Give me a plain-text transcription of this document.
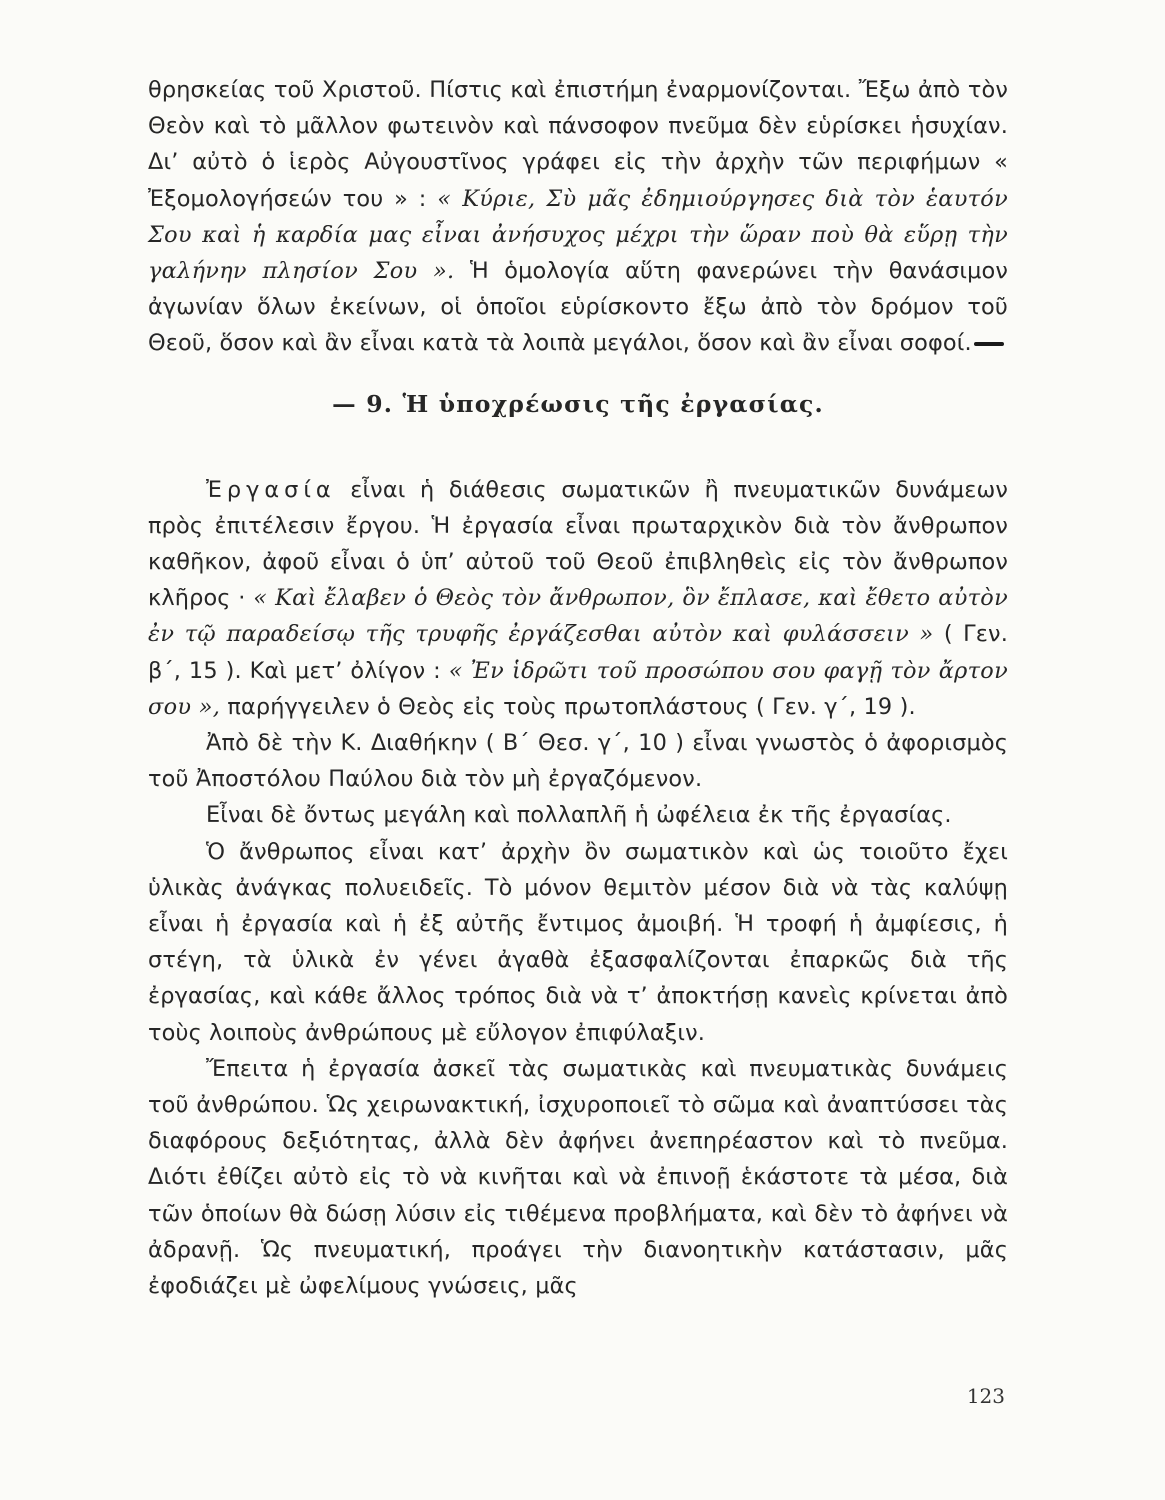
θρησκείας τοῦ Χριστοῦ. Πίστις καὶ ἐπιστήμη ἐναρμονίζονται. Ἔξω ἀπὸ τὸν Θεὸν καὶ τὸ μᾶλλον φωτεινὸν καὶ πάνσοφον πνεῦμα δὲν εὑρίσκει ἡσυχίαν. Δι’ αὐτὸ ὁ ἱερὸς Αὐγουστῖνος γράφει εἰς τὴν ἀρχὴν τῶν περιφήμων « Ἐξομολογήσεών του » : « Κύριε, Σὺ μᾶς ἐδημιούργησες διὰ τὸν ἑαυτόν Σου καὶ ἡ καρδία μας εἶναι ἀνήσυχος μέχρι τὴν ὥραν ποὺ θὰ εὕρῃ τὴν γαλήνην πλησίον Σου ». Ἡ ὁμολογία αὕτη φανερώνει τὴν θανάσιμον ἀγωνίαν ὅλων ἐκείνων, οἱ ὁποῖοι εὑρίσκοντο ἔξω ἀπὸ τὸν δρόμον τοῦ Θεοῦ, ὅσον καὶ ἂν εἶναι κατὰ τὰ λοιπὰ μεγάλοι, ὅσον καὶ ἂν εἶναι σοφοί.

— 9. Ἡ ὑποχρέωσις τῆς ἐργασίας.

Ἐργασία εἶναι ἡ διάθεσις σωματικῶν ἢ πνευματικῶν δυνάμεων πρὸς ἐπιτέλεσιν ἔργου. Ἡ ἐργασία εἶναι πρωταρχικὸν διὰ τὸν ἄνθρωπον καθῆκον, ἀφοῦ εἶναι ὁ ὑπ’ αὐτοῦ τοῦ Θεοῦ ἐπιβληθεὶς εἰς τὸν ἄνθρωπον κλῆρος · « Καὶ ἔλαβεν ὁ Θεὸς τὸν ἄνθρωπον, ὃν ἔπλασε, καὶ ἔθετο αὐτὸν ἐν τῷ παραδείσῳ τῆς τρυφῆς ἐργάζεσθαι αὐτὸν καὶ φυλάσσειν » ( Γεν. β΄, 15 ). Καὶ μετ’ ὀλίγον : « Ἐν ἱδρῶτι τοῦ προσώπου σου φαγῇ τὸν ἄρτον σου », παρήγγειλεν ὁ Θεὸς εἰς τοὺς πρωτοπλάστους ( Γεν. γ΄, 19 ).

Ἀπὸ δὲ τὴν Κ. Διαθήκην ( Β΄ Θεσ. γ΄, 10 ) εἶναι γνωστὸς ὁ ἀφορισμὸς τοῦ Ἀποστόλου Παύλου διὰ τὸν μὴ ἐργαζόμενον.

Εἶναι δὲ ὄντως μεγάλη καὶ πολλαπλῆ ἡ ὠφέλεια ἐκ τῆς ἐργασίας.

Ὁ ἄνθρωπος εἶναι κατ’ ἀρχὴν ὂν σωματικὸν καὶ ὡς τοιοῦτο ἔχει ὑλικὰς ἀνάγκας πολυειδεῖς. Τὸ μόνον θεμιτὸν μέσον διὰ νὰ τὰς καλύψῃ εἶναι ἡ ἐργασία καὶ ἡ ἐξ αὐτῆς ἔντιμος ἀμοιβή. Ἡ τροφή ἡ ἀμφίεσις, ἡ στέγη, τὰ ὑλικὰ ἐν γένει ἀγαθὰ ἐξασφαλίζονται ἐπαρκῶς διὰ τῆς ἐργασίας, καὶ κάθε ἄλλος τρόπος διὰ νὰ τ’ ἀποκτήσῃ κανεὶς κρίνεται ἀπὸ τοὺς λοιποὺς ἀνθρώπους μὲ εὔλογον ἐπιφύλαξιν.

Ἔπειτα ἡ ἐργασία ἀσκεῖ τὰς σωματικὰς καὶ πνευματικὰς δυνάμεις τοῦ ἀνθρώπου. Ὡς χειρωνακτική, ἰσχυροποιεῖ τὸ σῶμα καὶ ἀναπτύσσει τὰς διαφόρους δεξιότητας, ἀλλὰ δὲν ἀφήνει ἀνεπηρέαστον καὶ τὸ πνεῦμα. Διότι ἐθίζει αὐτὸ εἰς τὸ νὰ κινῆται καὶ νὰ ἐπινοῇ ἑκάστοτε τὰ μέσα, διὰ τῶν ὁποίων θὰ δώσῃ λύσιν εἰς τιθέμενα προβλήματα, καὶ δὲν τὸ ἀφήνει νὰ ἀδρανῇ. Ὡς πνευματική, προάγει τὴν διανοητικὴν κατάστασιν, μᾶς ἐφοδιάζει μὲ ὠφελίμους γνώσεις, μᾶς

123
